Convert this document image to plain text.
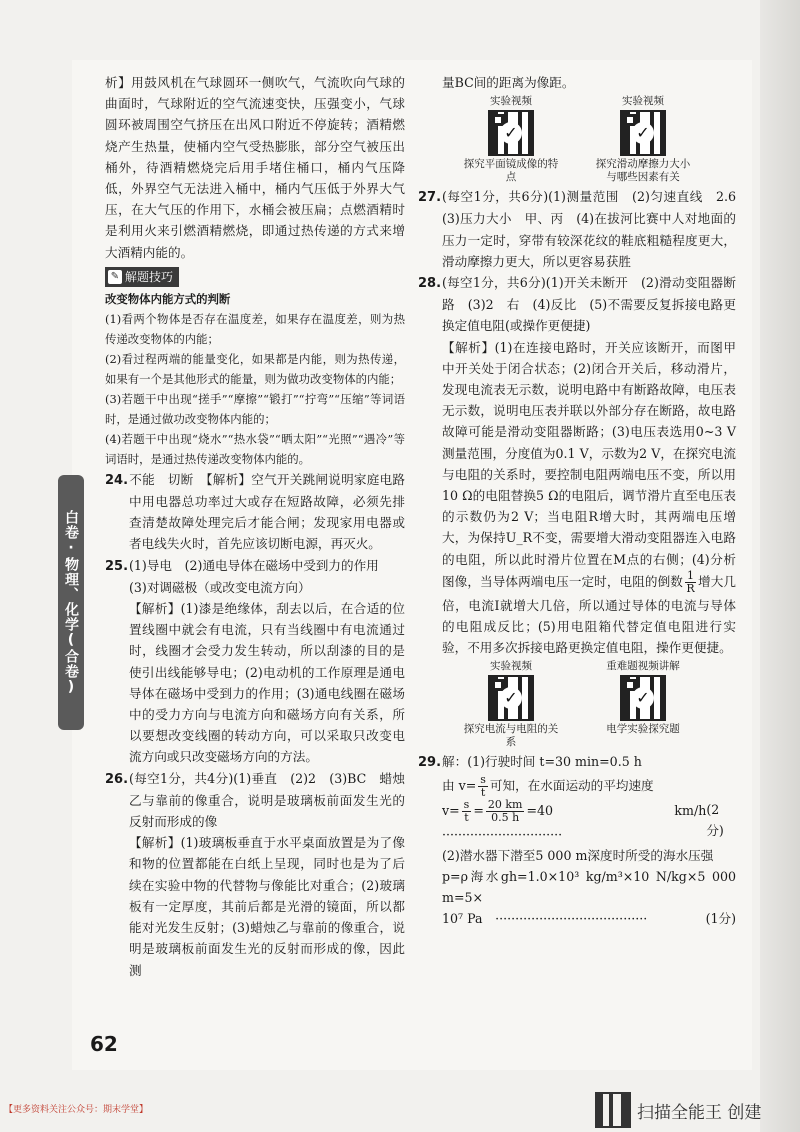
白卷·物理、化学(合卷)

析】用鼓风机在气球圆环一侧吹气，气流吹向气球的曲面时，气球附近的空气流速变快，压强变小，气球圆环被周围空气挤压在出风口附近不停旋转；酒精燃烧产生热量，使桶内空气受热膨胀，部分空气被压出桶外，待酒精燃烧完后用手堵住桶口，桶内气压降低，外界空气无法进入桶中，桶内气压低于外界大气压，在大气压的作用下，水桶会被压扁；点燃酒精时是利用火来引燃酒精燃烧，即通过热传递的方式来增大酒精内能的。

✎ 解题技巧

改变物体内能方式的判断

(1)看两个物体是否存在温度差，如果存在温度差，则为热传递改变物体的内能；

(2)看过程两端的能量变化，如果都是内能，则为热传递，如果有一个是其他形式的能量，则为做功改变物体的内能；

(3)若题干中出现“搓手”“摩擦”“锻打”“拧弯”“压缩”等词语时，是通过做功改变物体内能的；

(4)若题干中出现“烧水”“热水袋”“晒太阳”“光照”“遇冷”等词语时，是通过热传递改变物体内能的。

24.不能　切断　【解析】空气开关跳闸说明家庭电路中用电器总功率过大或存在短路故障，必须先排查清楚故障处理完后才能合闸；发现家用电器或者电线失火时，首先应该切断电源，再灭火。

25.(1)导电　(2)通电导体在磁场中受到力的作用

(3)对调磁极（或改变电流方向）

【解析】(1)漆是绝缘体，刮去以后，在合适的位置线圈中就会有电流，只有当线圈中有电流通过时，线圈才会受力发生转动，所以刮漆的目的是使引出线能够导电；(2)电动机的工作原理是通电导体在磁场中受到力的作用；(3)通电线圈在磁场中的受力方向与电流方向和磁场方向有关系，所以要想改变线圈的转动方向，可以采取只改变电流方向或只改变磁场方向的方法。

26.(每空1分，共4分)(1)垂直　(2)2　(3)BC　蜡烛乙与靠前的像重合，说明是玻璃板前面发生光的反射而形成的像

【解析】(1)玻璃板垂直于水平桌面放置是为了像和物的位置都能在白纸上呈现，同时也是为了后续在实验中物的代替物与像能比对重合；(2)玻璃板有一定厚度，其前后都是光滑的镜面，所以都能对光发生反射；(3)蜡烛乙与靠前的像重合，说明是玻璃板前面发生光的反射而形成的像，因此测

量BC间的距离为像距。

实验视频
✓
探究平面镜成像的特点
实验视频
✓
探究滑动摩擦力大小与哪些因素有关

27.(每空1分，共6分)(1)测量范围　(2)匀速直线　2.6　(3)压力大小　甲、丙　(4)在拔河比赛中人对地面的压力一定时，穿带有较深花纹的鞋底粗糙程度更大，滑动摩擦力更大，所以更容易获胜

28.(每空1分，共6分)(1)开关未断开　(2)滑动变阻器断路　(3)2　右　(4)反比　(5)不需要反复拆接电路更换定值电阻(或操作更便捷)

【解析】(1)在连接电路时，开关应该断开，而图甲中开关处于闭合状态；(2)闭合开关后，移动滑片，发现电流表无示数，说明电路中有断路故障，电压表无示数，说明电压表并联以外部分存在断路，故电路故障可能是滑动变阻器断路；(3)电压表选用0~3 V测量范围，分度值为0.1 V，示数为2 V，在探究电流与电阻的关系时，要控制电阻两端电压不变，所以用10 Ω的电阻替换5 Ω的电阻后，调节滑片直至电压表的示数仍为2 V；当电阻R增大时，其两端电压增大，为保持U_R不变，需要增大滑动变阻器连入电路的电阻，所以此时滑片位置在M点的右侧；(4)分析图像，当导体两端电压一定时，电阻的倒数 $\frac{1}{R}$ 增大几倍，电流I就增大几倍，所以通过导体的电流与导体的电阻成反比；(5)用电阻箱代替定值电阻进行实验，不用多次拆接电路更换定值电阻，操作更便捷。

实验视频
✓
探究电流与电阻的关系
重难题视频讲解
✓
电学实验探究题

29.解：(1)行驶时间 t=30 min=0.5 h

由 $v= \frac{s}{t}$ 可知，在水面运动的平均速度

$v= \frac{s}{t} = \frac{20 km}{0.5 h} =40$ km/h ······························
(2分)

(2)潜水器下潜至5 000 m深度时所受的海水压强

p=ρ海水gh=1.0×10³ kg/m³×10 N/kg×5 000 m=5×

10⁷ Pa　······································	(1分)
62
【更多资料关注公众号：期末学堂】	扫描全能王 创建
